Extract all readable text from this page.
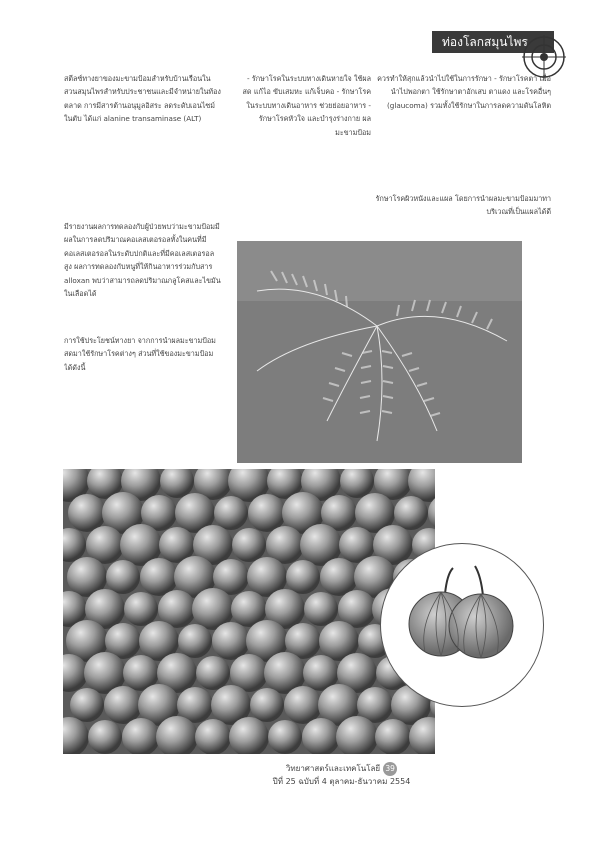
ท่องโลกสมุนไพร

สตีลซ์ทางยาของมะขามป้อมสำหรับบ้านเรือนในสวนสมุนไพรสำหรับประชาชนและมีจำหน่ายในท้องตลาด การมีสารต้านอนุมูลอิสระ ลดระดับเอนไซม์ในตับ ได้แก่ alanine transaminase (ALT)

มีรายงานผลการทดลองกับผู้ป่วยพบว่ามะขามป้อมมีผลในการลดปริมาณคอเลสเตอรอลทั้งในคนที่มีคอเลสเตอรอลในระดับปกติและที่มีคอเลสเตอรอลสูง ผลการทดลองกับหนูที่ให้กินอาหารร่วมกับสาร alloxan พบว่าสามารถลดปริมาณกลูโคสและไขมันในเลือดได้

การใช้ประโยชน์ทางยา จากการนำผลมะขามป้อมสดมาใช้รักษาโรคต่างๆ ส่วนที่ใช้ของมะขามป้อม ได้ดังนี้

- รักษาโรคในระบบทางเดินหายใจ ใช้ผลสด แก้ไอ ขับเสมหะ แก้เจ็บคอ - รักษาโรคในระบบทางเดินอาหาร ช่วยย่อยอาหาร - รักษาโรคหัวใจ และบำรุงร่างกาย ผลมะขามป้อม

ควรทำให้สุกแล้วนำไปใช้ในการรักษา - รักษาโรคตา เมื่อนำไปพอกตา ใช้รักษาตาอักเสบ ตาแดง และโรคอื่นๆ (glaucoma) รวมทั้งใช้รักษาในการลดความดันโลหิต

รักษาโรคผิวหนังและแผล โดยการนำผลมะขามป้อมมาทาบริเวณที่เป็นแผลได้ดี

วิทยาศาสตร์และเทคโนโลยี 39
ปีที่ 25 ฉบับที่ 4 ตุลาคม-ธันวาคม 2554
